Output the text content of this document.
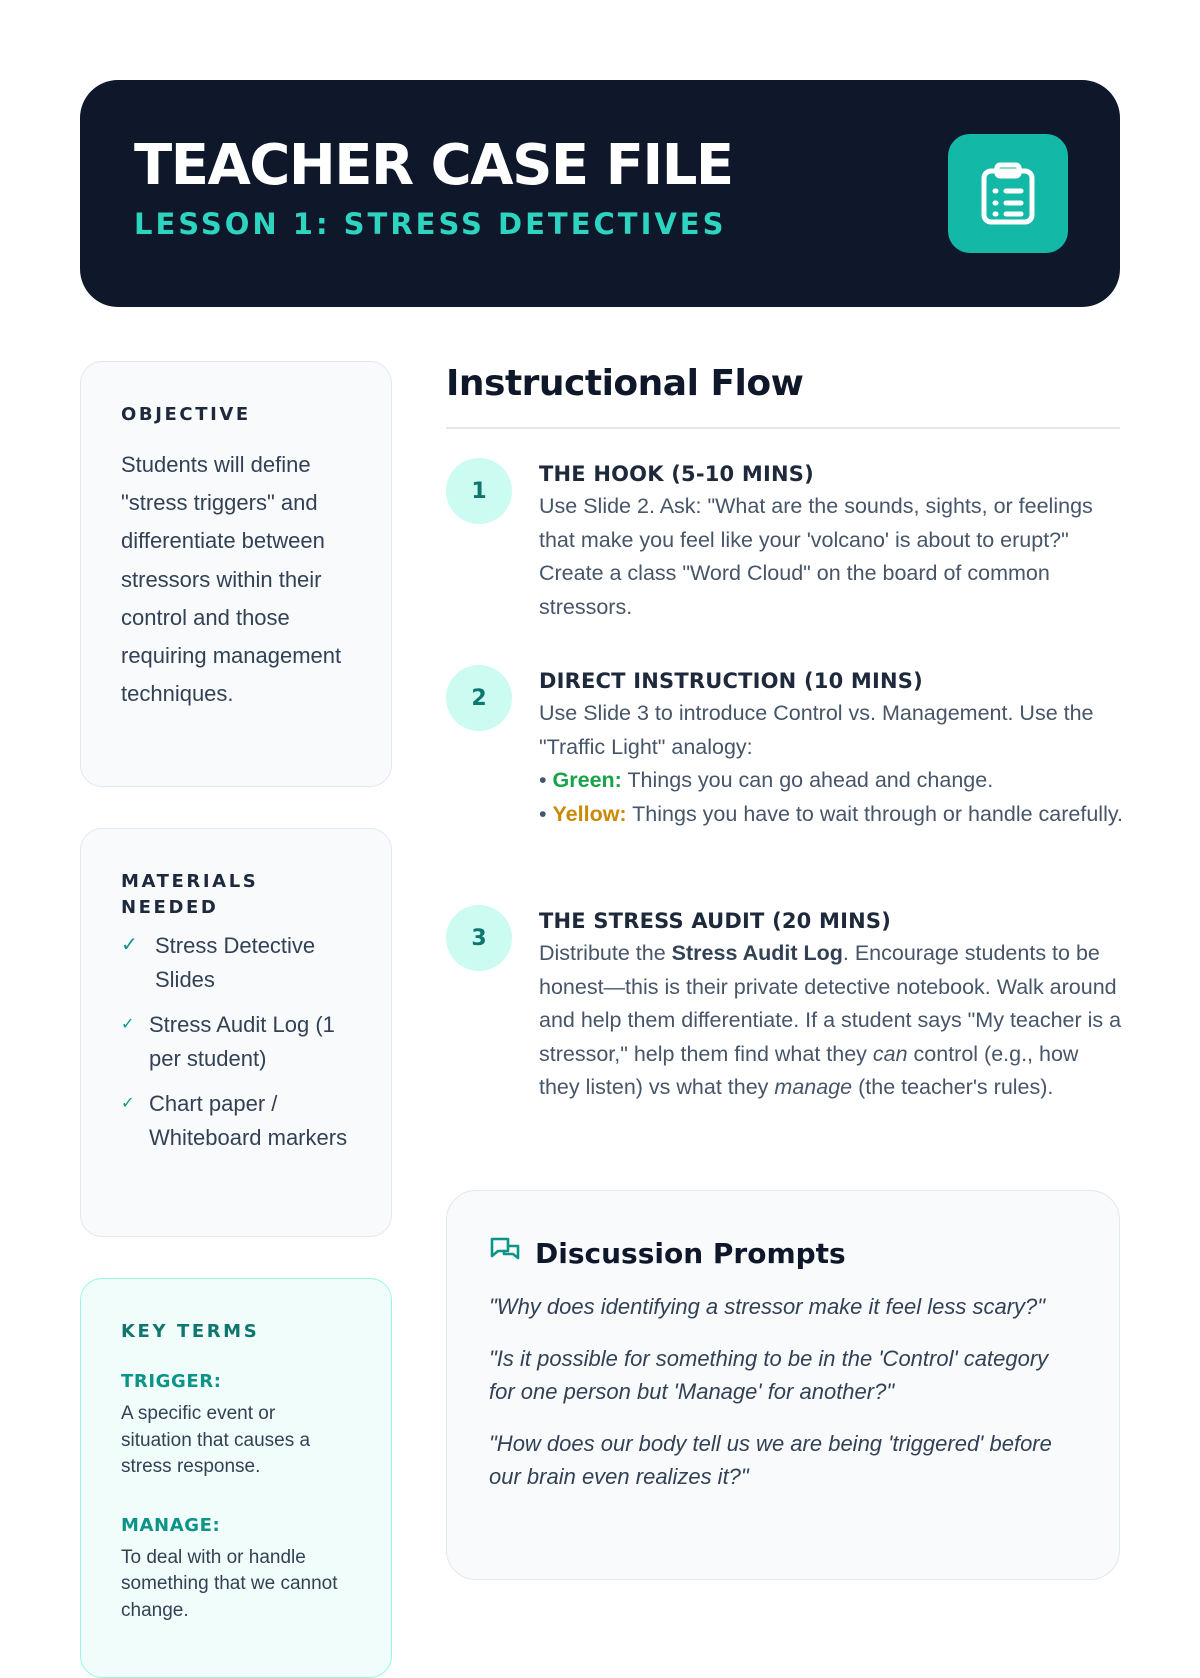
TEACHER CASE FILE
LESSON 1: STRESS DETECTIVES
OBJECTIVE
Students will define "stress triggers" and differentiate between stressors within their control and those requiring management techniques.
MATERIALS NEEDED
✓ Stress Detective Slides
✓ Stress Audit Log (1 per student)
✓ Chart paper / Whiteboard markers
KEY TERMS
TRIGGER:
A specific event or situation that causes a stress response.
MANAGE:
To deal with or handle something that we cannot change.
Instructional Flow
1
THE HOOK (5-10 MINS)
Use Slide 2. Ask: "What are the sounds, sights, or feelings that make you feel like your 'volcano' is about to erupt?" Create a class "Word Cloud" on the board of common stressors.
2
DIRECT INSTRUCTION (10 MINS)
Use Slide 3 to introduce Control vs. Management. Use the "Traffic Light" analogy:
• Green: Things you can go ahead and change.
• Yellow: Things you have to wait through or handle carefully.
3
THE STRESS AUDIT (20 MINS)
Distribute the Stress Audit Log. Encourage students to be honest—this is their private detective notebook. Walk around and help them differentiate. If a student says "My teacher is a stressor," help them find what they can control (e.g., how they listen) vs what they manage (the teacher's rules).
Discussion Prompts
"Why does identifying a stressor make it feel less scary?"
"Is it possible for something to be in the 'Control' category for one person but 'Manage' for another?"
"How does our body tell us we are being 'triggered' before our brain even realizes it?"
